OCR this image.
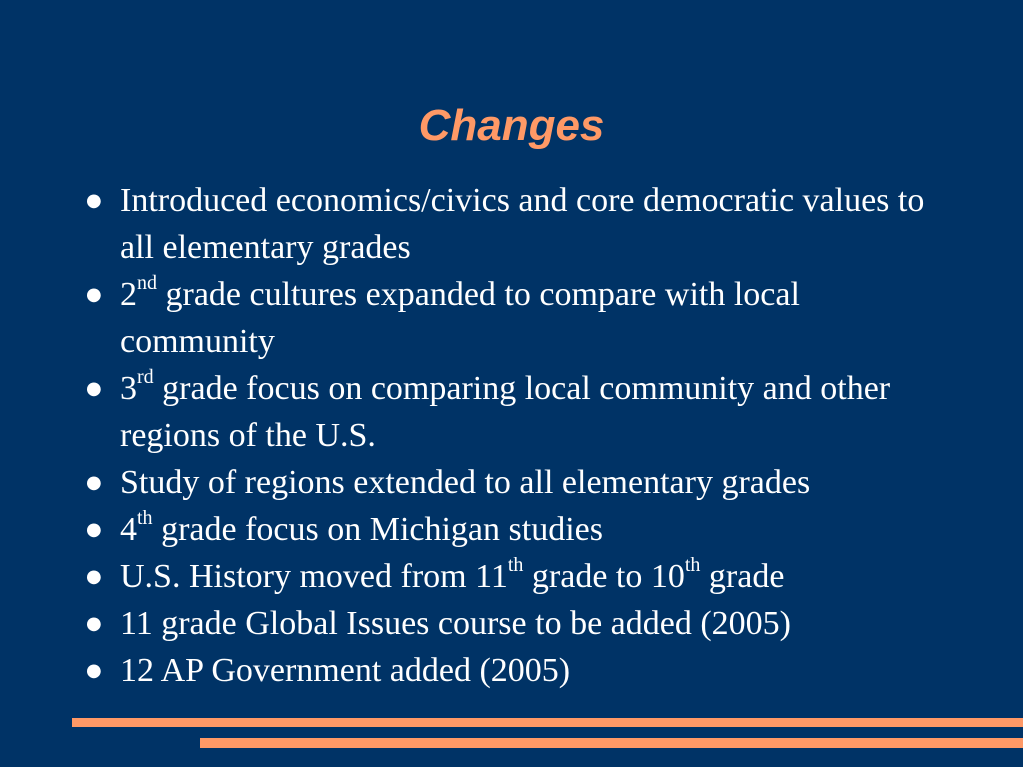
Changes
● Introduced economics/civics and core democratic values to all elementary grades
● 2nd grade cultures expanded to compare with local community
● 3rd grade focus on comparing local community and other regions of the U.S.
● Study of regions extended to all elementary grades
● 4th grade focus on Michigan studies
● U.S. History moved from 11th grade to 10th grade
● 11 grade Global Issues course to be added (2005)
● 12 AP Government added (2005)
